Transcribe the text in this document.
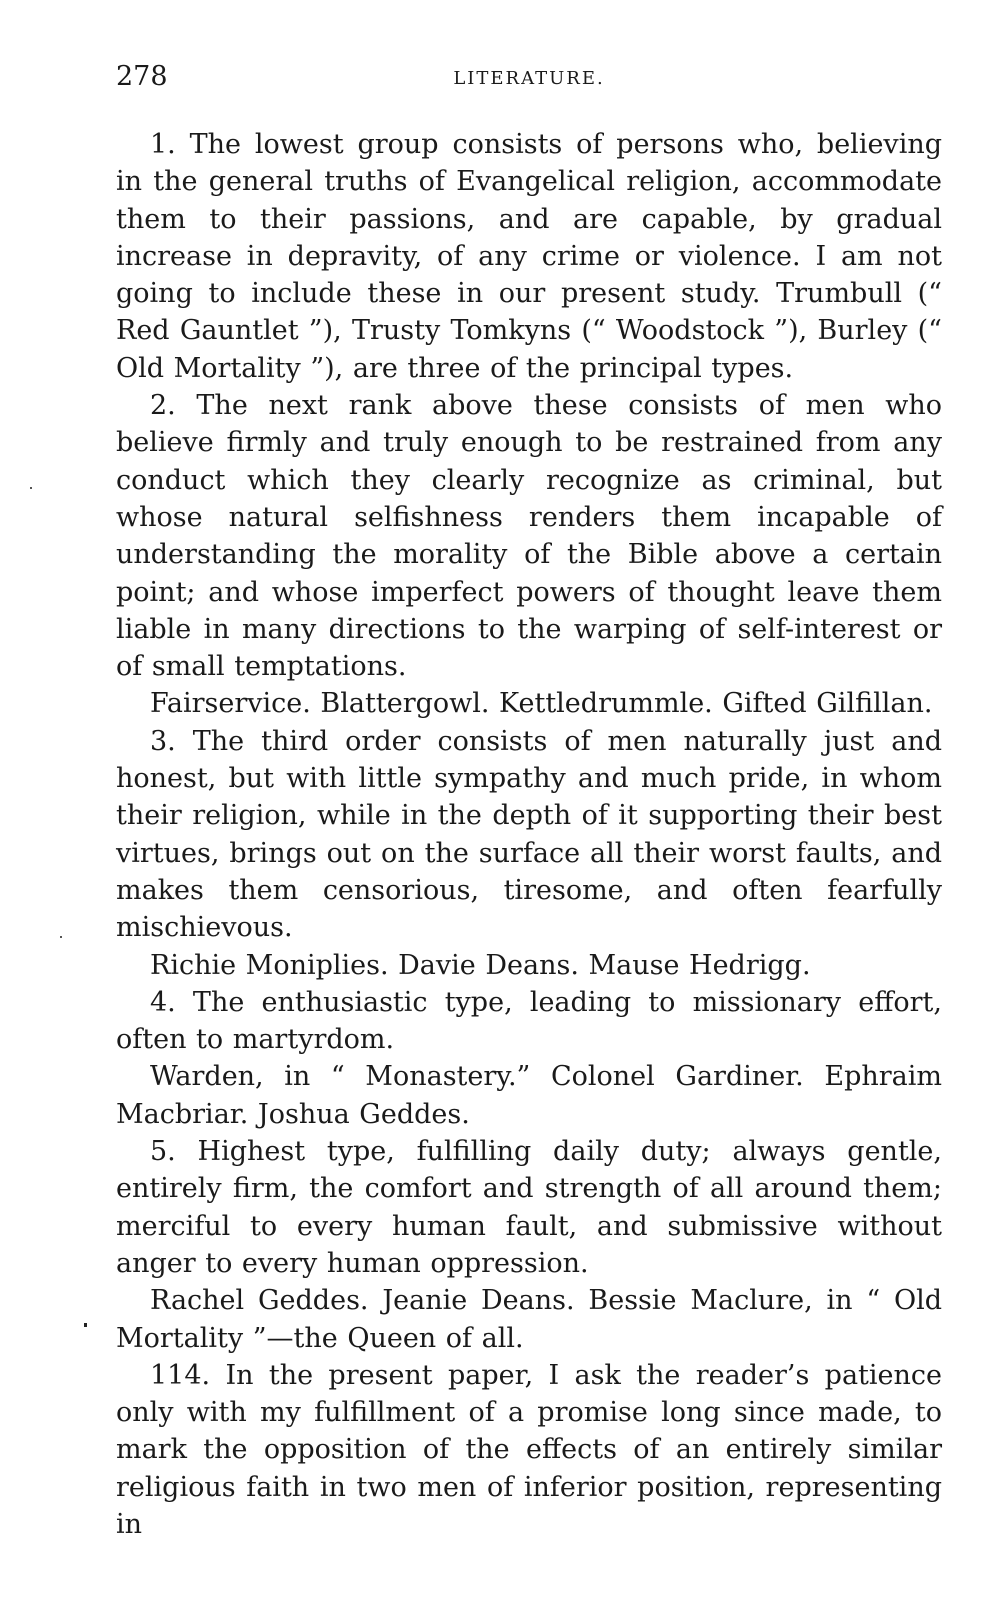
278	LITERATURE.

1. The lowest group consists of persons who, believing in the general truths of Evangelical religion, accommodate them to their passions, and are capable, by gradual increase in depravity, of any crime or violence. I am not going to include these in our present study. Trumbull (“ Red Gauntlet ”), Trusty Tomkyns (“ Woodstock ”), Burley (“ Old Mortality ”), are three of the principal types.

2. The next rank above these consists of men who believe firmly and truly enough to be restrained from any conduct which they clearly recognize as criminal, but whose natural selfishness renders them incapable of understanding the morality of the Bible above a certain point; and whose imperfect powers of thought leave them liable in many directions to the warping of self-interest or of small temptations.

Fairservice. Blattergowl. Kettledrummle. Gifted Gilfillan.

3. The third order consists of men naturally just and honest, but with little sympathy and much pride, in whom their religion, while in the depth of it supporting their best virtues, brings out on the surface all their worst faults, and makes them censorious, tiresome, and often fearfully mischievous.

Richie Moniplies. Davie Deans. Mause Hedrigg.

4. The enthusiastic type, leading to missionary effort, often to martyrdom.

Warden, in “ Monastery.” Colonel Gardiner. Ephraim Macbriar. Joshua Geddes.

5. Highest type, fulfilling daily duty; always gentle, entirely firm, the comfort and strength of all around them; merciful to every human fault, and submissive without anger to every human oppression.

Rachel Geddes. Jeanie Deans. Bessie Maclure, in “ Old Mortality ”—the Queen of all.

114. In the present paper, I ask the reader’s patience only with my fulfillment of a promise long since made, to mark the opposition of the effects of an entirely similar religious faith in two men of inferior position, representing in
